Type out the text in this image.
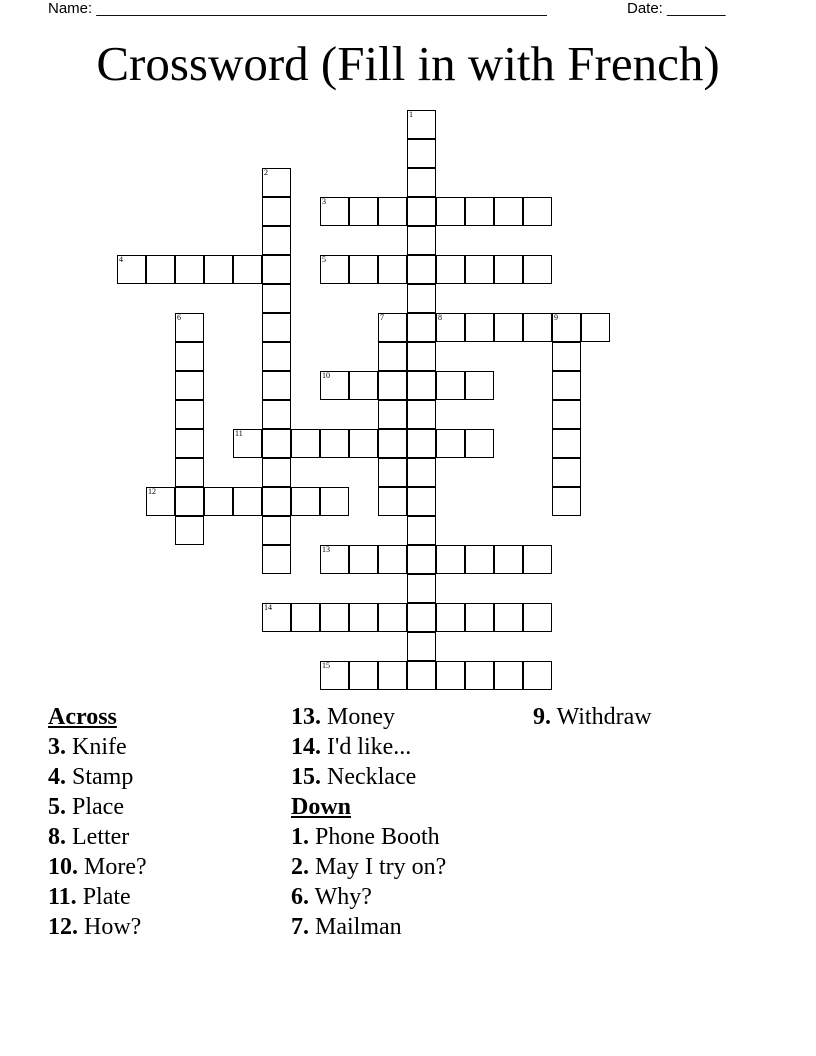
Name: ______________________________________________________	Date: _______
Crossword (Fill in with French)
1
2
3
4	5
6	7	8	9
10
11
12
13
14
15
Across
3. Knife
4. Stamp
5. Place
8. Letter
10. More?
11. Plate
12. How?
13. Money
14. I'd like...
15. Necklace
Down
1. Phone Booth
2. May I try on?
6. Why?
7. Mailman
9. Withdraw
